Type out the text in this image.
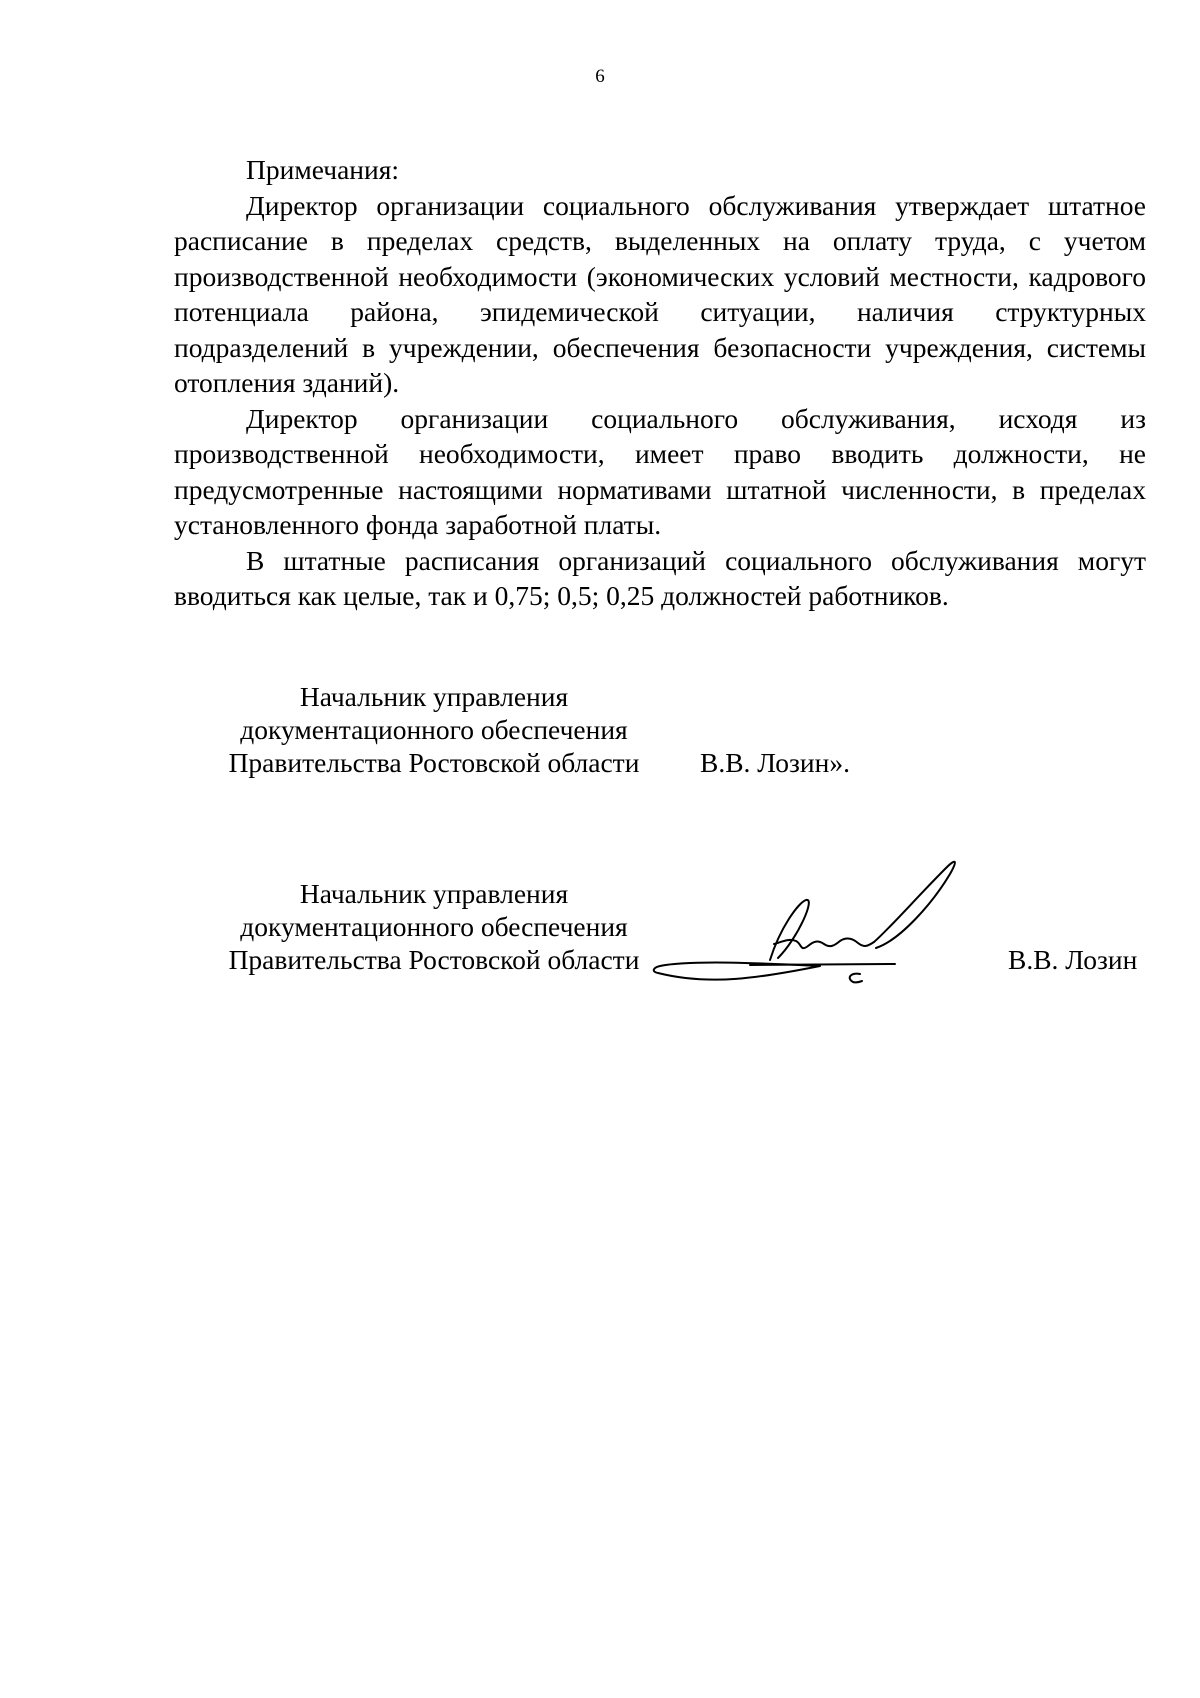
6

Примечания:

Директор организации социального обслуживания утверждает штатное расписание в пределах средств, выделенных на оплату труда, с учетом производственной необходимости (экономических условий местности, кадрового потенциала района, эпидемической ситуации, наличия структурных подразделений в учреждении, обеспечения безопасности учреждения, системы отопления зданий).

Директор организации социального обслуживания, исходя из производственной необходимости, имеет право вводить должности, не предусмотренные настоящими нормативами штатной численности, в пределах установленного фонда заработной платы.

В штатные расписания организаций социального обслуживания могут вводиться как целые, так и 0,75; 0,5; 0,25 должностей работников.

Начальник управления
документационного обеспечения
Правительства Ростовской области	В.В. Лозин».
Начальник управления
документационного обеспечения
Правительства Ростовской области	В.В. Лозин
